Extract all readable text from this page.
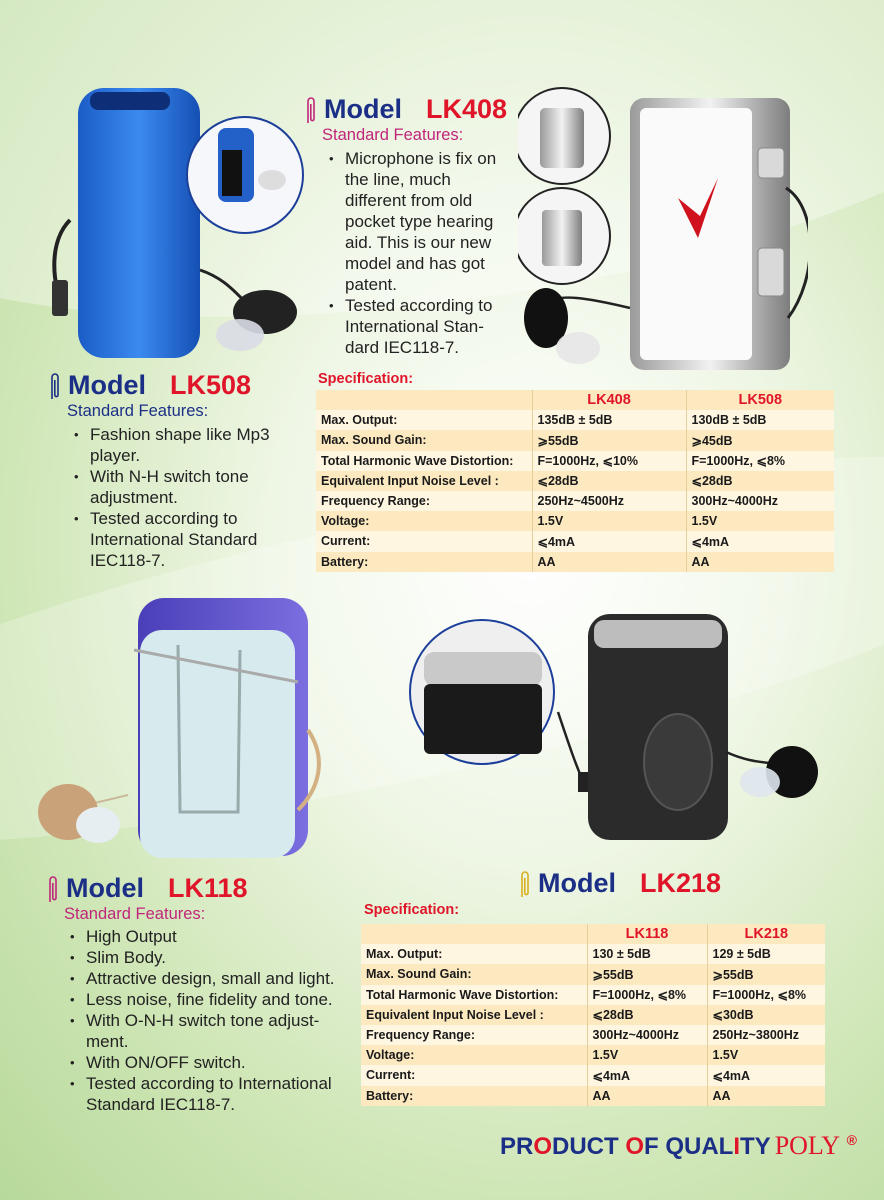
Model LK408
Standard Features:
• Microphone is fix on the line, much different from old pocket type hearing aid. This is our new model and has got patent.
• Tested according to International Stan- dard IEC118-7.
Model LK508
Standard Features:
• Fashion shape like Mp3 player.
• With N-H switch tone adjustment.
• Tested according to International Standard IEC118-7.
Specification:
	LK408	LK508
Max. Output:	135dB ± 5dB	130dB ± 5dB
Max. Sound Gain:	⩾55dB	⩾45dB
Total Harmonic Wave Distortion:	F=1000Hz, ⩽10%	F=1000Hz, ⩽8%
Equivalent Input Noise Level :	⩽28dB	⩽28dB
Frequency Range:	250Hz~4500Hz	300Hz~4000Hz
Voltage:	1.5V	1.5V
Current:	⩽4mA	⩽4mA
Battery:	AA	AA
Model LK118
Standard Features:
• High Output
• Slim Body.
• Attractive design, small and light.
• Less noise, fine fidelity and tone.
• With O-N-H switch tone adjust- ment.
• With ON/OFF switch.
• Tested according to International Standard IEC118-7.
Model LK218
Specification:
	LK118	LK218
Max. Output:	130 ± 5dB	129 ± 5dB
Max. Sound Gain:	⩾55dB	⩾55dB
Total Harmonic Wave Distortion:	F=1000Hz, ⩽8%	F=1000Hz, ⩽8%
Equivalent Input Noise Level :	⩽28dB	⩽30dB
Frequency Range:	300Hz~4000Hz	250Hz~3800Hz
Voltage:	1.5V	1.5V
Current:	⩽4mA	⩽4mA
Battery:	AA	AA
PRODUCT OF QUALITY POLY ®
